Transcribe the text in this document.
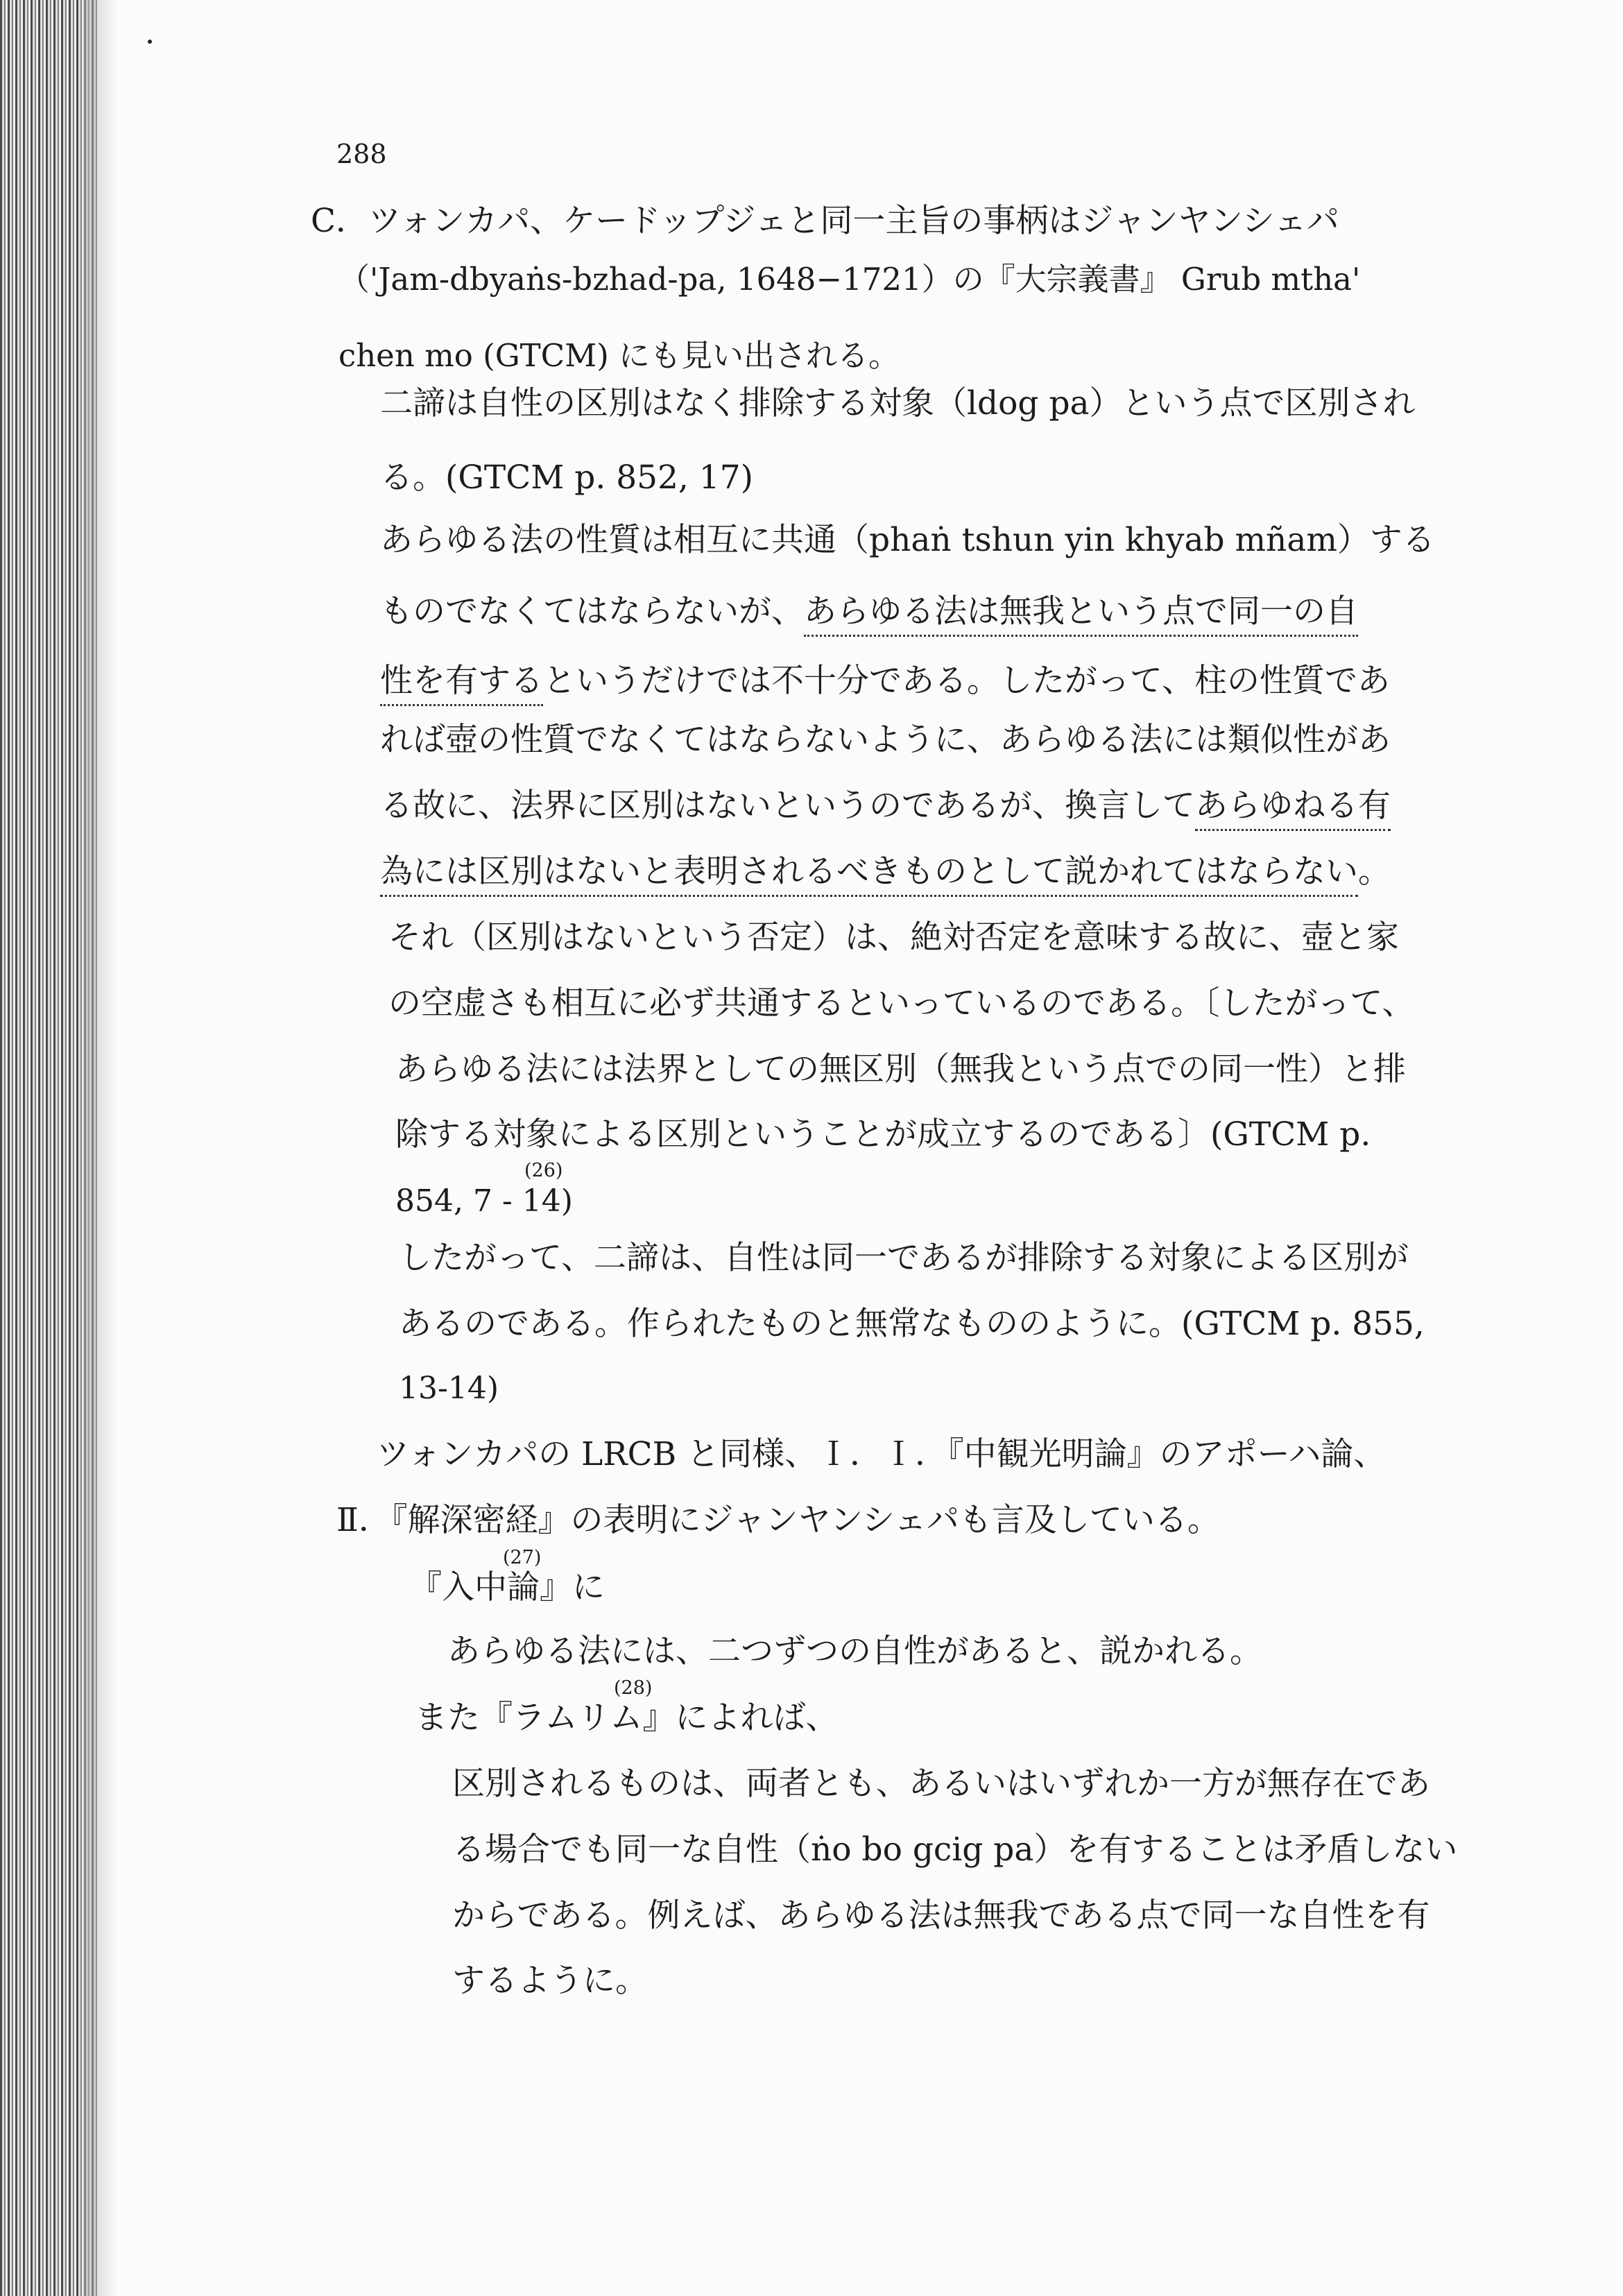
288
C．ツォンカパ、ケードップジェと同一主旨の事柄はジャンヤンシェパ
（'Jam-dbyaṅs-bzhad-pa, 1648−1721）の『大宗義書』 Grub mtha'
chen mo (GTCM) にも見い出される。
二諦は自性の区別はなく排除する対象（ldog pa）という点で区別され
る。(GTCM p. 852, 17)
あらゆる法の性質は相互に共通（phaṅ tshun yin khyab mñam）する
ものでなくてはならないが、あらゆる法は無我という点で同一の自
性を有するというだけでは不十分である。したがって、柱の性質であ
れば壺の性質でなくてはならないように、あらゆる法には類似性があ
る故に、法界に区別はないというのであるが、換言してあらゆねる有
為には区別はないと表明されるべきものとして説かれてはならない。
それ（区別はないという否定）は、絶対否定を意味する故に、壺と家
の空虚さも相互に必ず共通するといっているのである。〔したがって、
あらゆる法には法界としての無区別（無我という点での同一性）と排
除する対象による区別ということが成立するのである〕(GTCM p.
(26)
854, 7 - 14)
したがって、二諦は、自性は同一であるが排除する対象による区別が
あるのである。作られたものと無常なもののように。(GTCM p. 855,
13-14)
ツォンカパの LRCB と同様、Ｉ．Ｉ．『中観光明論』のアポーハ論、
Ⅱ．『解深密経』の表明にジャンヤンシェパも言及している。
(27)
『入中論』に
あらゆる法には、二つずつの自性があると、説かれる。
(28)
また『ラムリム』によれば、
区別されるものは、両者とも、あるいはいずれか一方が無存在であ
る場合でも同一な自性（ṅo bo gcig pa）を有することは矛盾しない
からである。例えば、あらゆる法は無我である点で同一な自性を有
するように。
